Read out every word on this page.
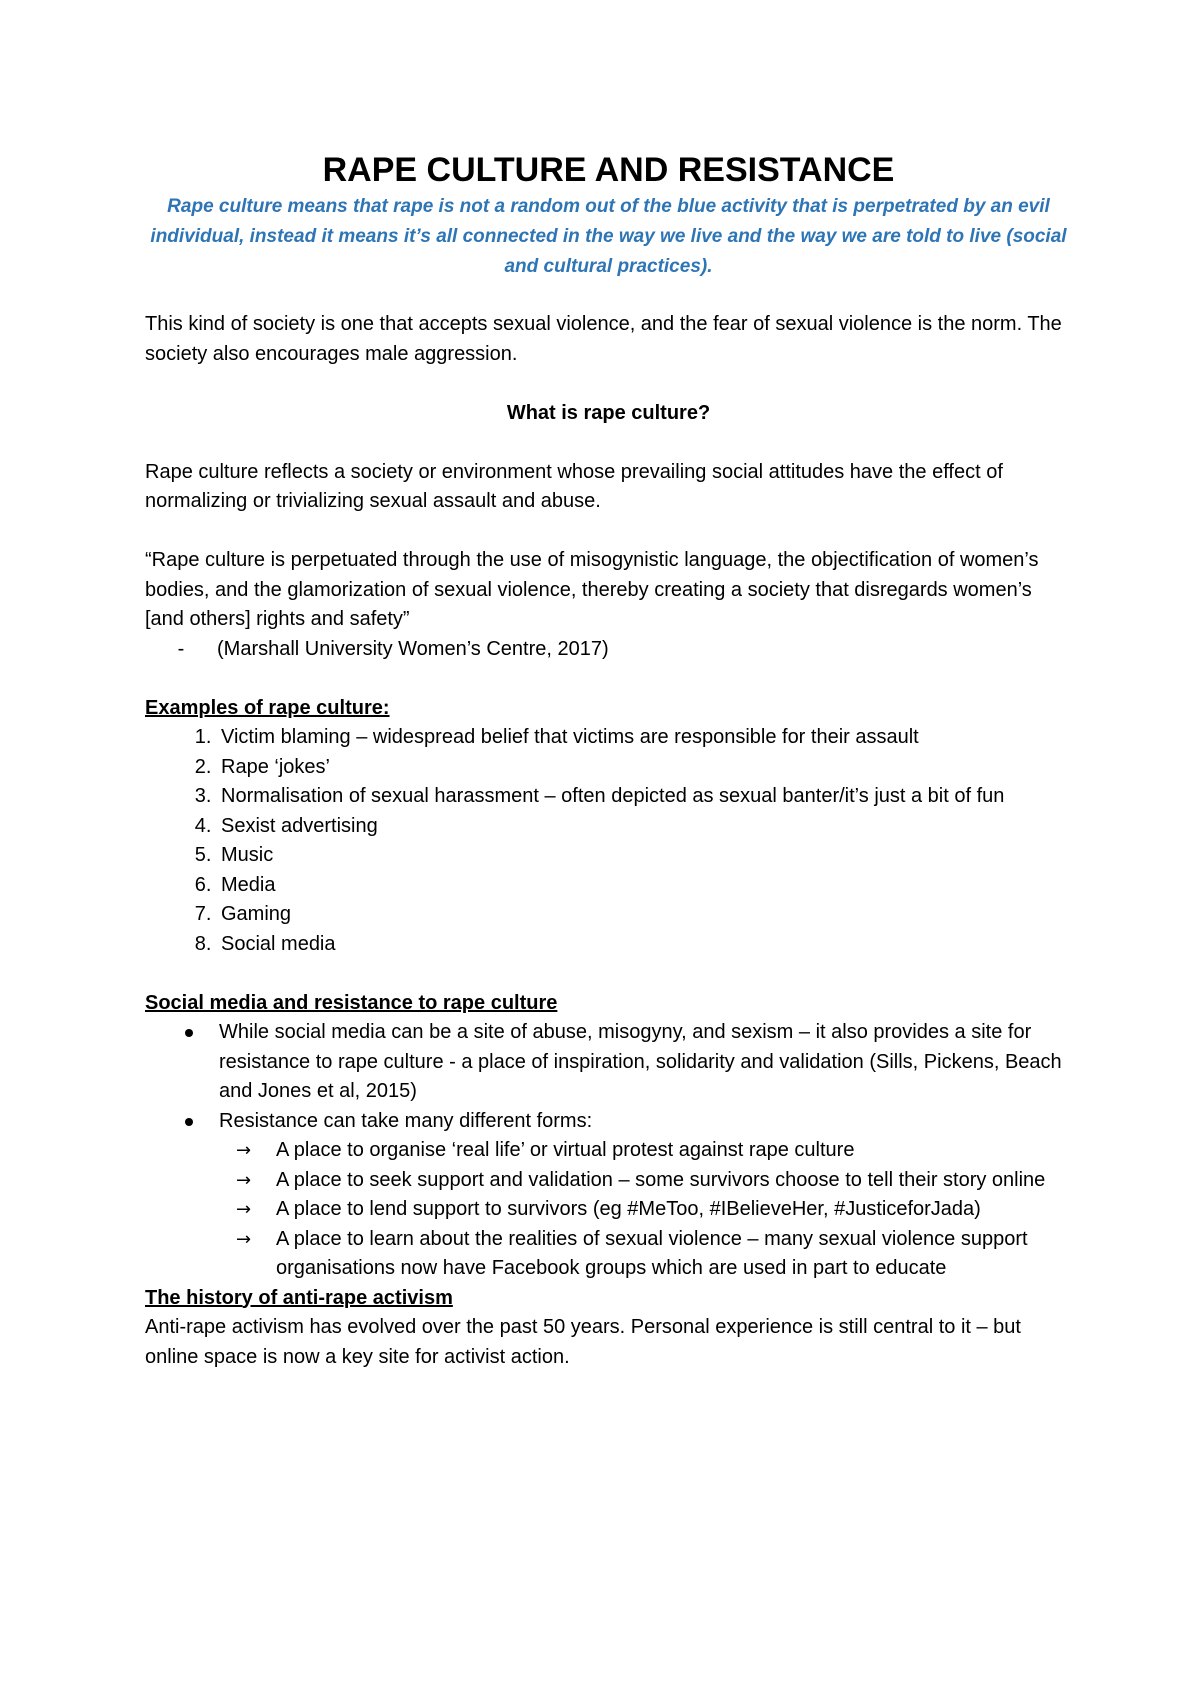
RAPE CULTURE AND RESISTANCE
Rape culture means that rape is not a random out of the blue activity that is perpetrated by an evil individual, instead it means it’s all connected in the way we live and the way we are told to live (social and cultural practices).

This kind of society is one that accepts sexual violence, and the fear of sexual violence is the norm. The society also encourages male aggression.

What is rape culture?

Rape culture reflects a society or environment whose prevailing social attitudes have the effect of normalizing or trivializing sexual assault and abuse.

“Rape culture is perpetuated through the use of misogynistic language, the objectification of women’s bodies, and the glamorization of sexual violence, thereby creating a society that disregards women’s [and others] rights and safety”

-	(Marshall University Women’s Centre, 2017)
Examples of rape culture:
1. Victim blaming – widespread belief that victims are responsible for their assault
2. Rape ‘jokes’
3. Normalisation of sexual harassment – often depicted as sexual banter/it’s just a bit of fun
4. Sexist advertising
5. Music
6. Media
7. Gaming
8. Social media
Social media and resistance to rape culture
While social media can be a site of abuse, misogyny, and sexism – it also provides a site for resistance to rape culture - a place of inspiration, solidarity and validation (Sills, Pickens, Beach and Jones et al, 2015)
Resistance can take many different forms:
→ A place to organise ‘real life’ or virtual protest against rape culture
→ A place to seek support and validation – some survivors choose to tell their story online
→ A place to lend support to survivors (eg #MeToo, #IBelieveHer, #JusticeforJada)
→ A place to learn about the realities of sexual violence – many sexual violence support organisations now have Facebook groups which are used in part to educate
The history of anti-rape activism

Anti-rape activism has evolved over the past 50 years. Personal experience is still central to it – but online space is now a key site for activist action.
